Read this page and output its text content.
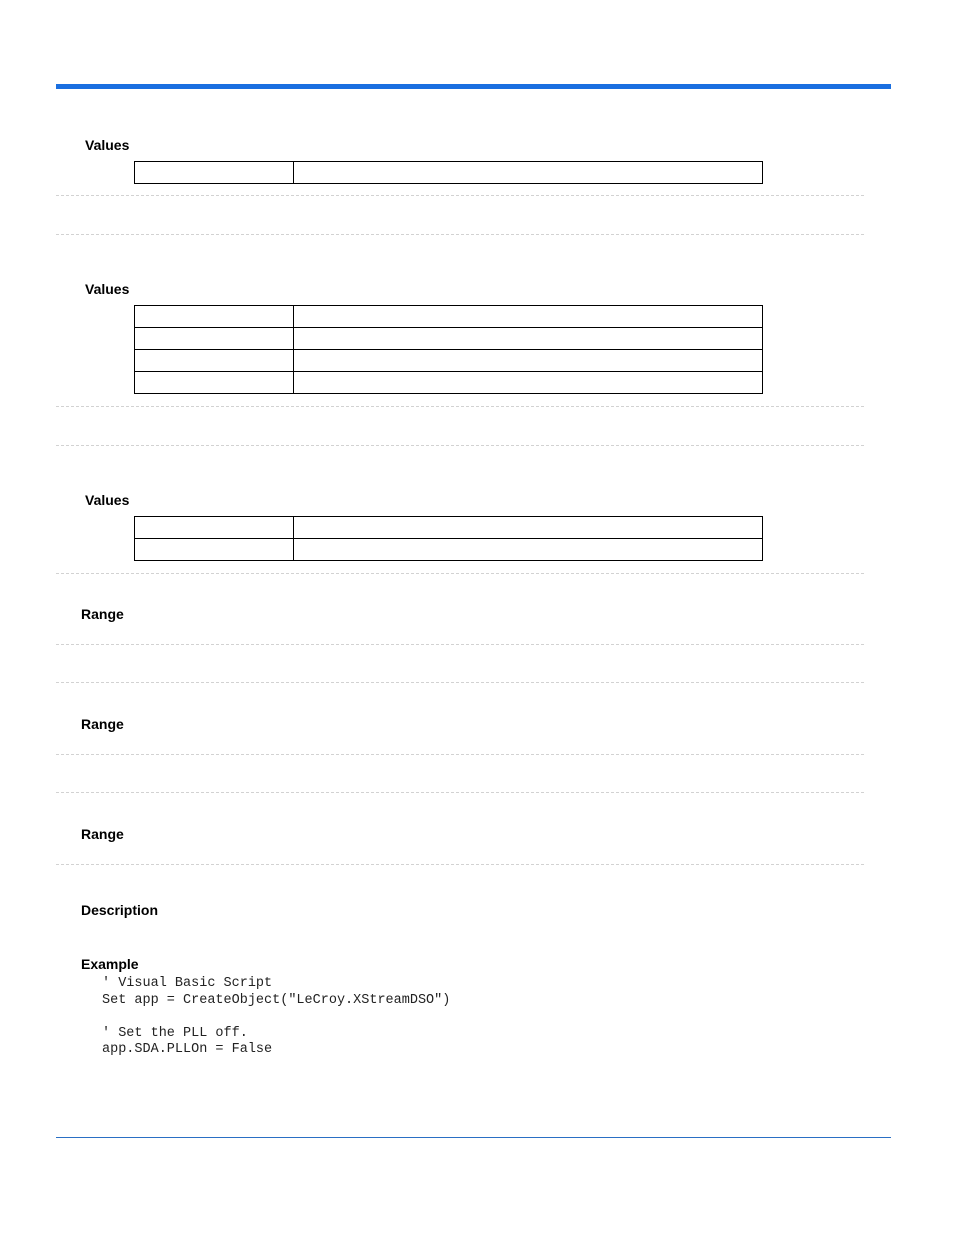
Values

Values

Values

Range
Range
Range
Description
Example
' Visual Basic Script
Set app = CreateObject("LeCroy.XStreamDSO")
' Set the PLL off.
app.SDA.PLLOn = False
